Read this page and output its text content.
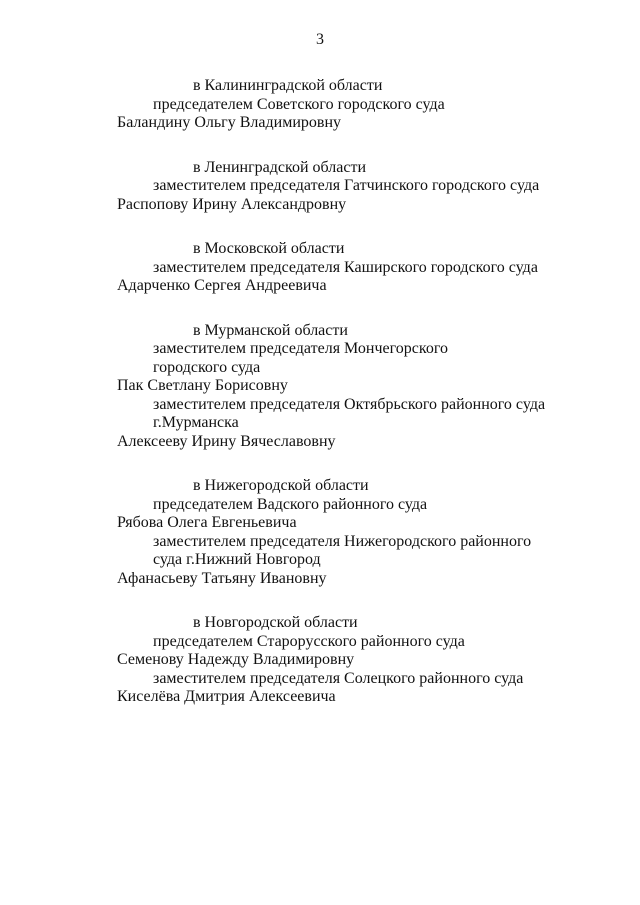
3
в Калининградской области
председателем Советского городского суда
Баландину Ольгу Владимировну
в Ленинградской области
заместителем председателя Гатчинского городского суда
Распопову Ирину Александровну
в Московской области
заместителем председателя Каширского городского суда
Адарченко Сергея Андреевича
в Мурманской области
заместителем председателя Мончегорского
городского суда
Пак Светлану Борисовну
заместителем председателя Октябрьского районного суда
г.Мурманска
Алексееву Ирину Вячеславовну
в Нижегородской области
председателем Вадского районного суда
Рябова Олега Евгеньевича
заместителем председателя Нижегородского районного
суда г.Нижний Новгород
Афанасьеву Татьяну Ивановну
в Новгородской области
председателем Старорусского районного суда
Семенову Надежду Владимировну
заместителем председателя Солецкого районного суда
Киселёва Дмитрия Алексеевича
